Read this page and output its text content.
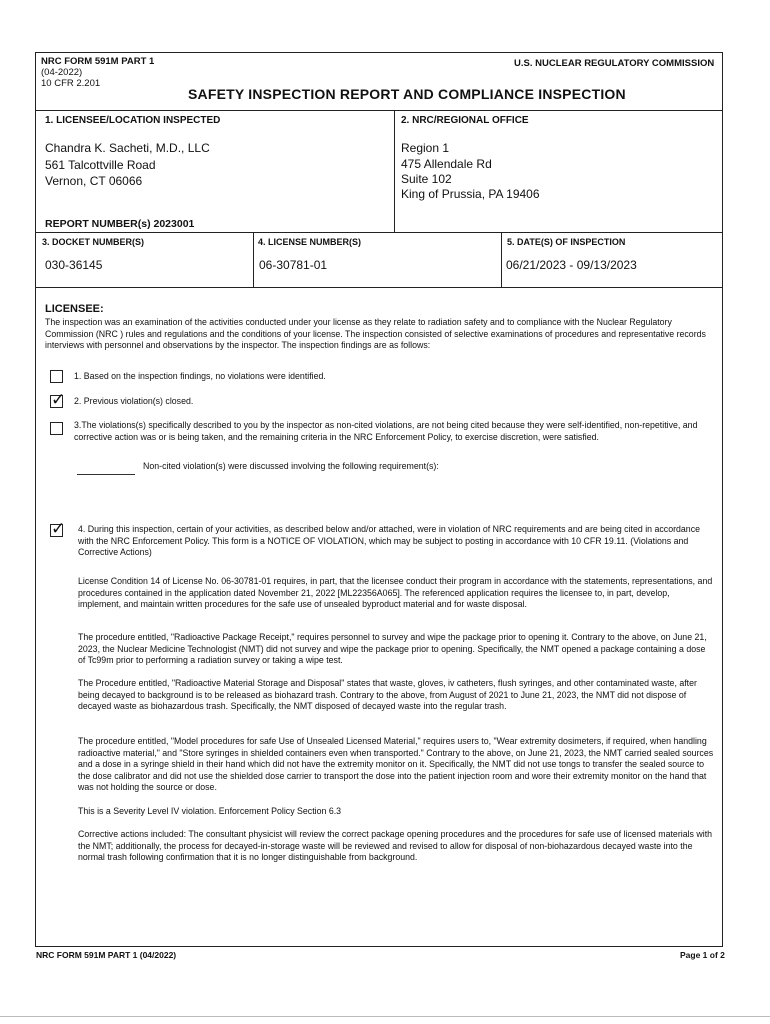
NRC FORM 591M PART 1
(04-2022)
10 CFR 2.201
U.S. NUCLEAR REGULATORY COMMISSION
SAFETY INSPECTION REPORT AND COMPLIANCE INSPECTION
1. LICENSEE/LOCATION INSPECTED
Chandra K. Sacheti, M.D., LLC
561 Talcottville Road
Vernon, CT 06066
REPORT NUMBER(s) 2023001
2. NRC/REGIONAL OFFICE
Region 1
475 Allendale Rd
Suite 102
King of Prussia, PA 19406
3. DOCKET NUMBER(S)
030-36145
4. LICENSE NUMBER(S)
06-30781-01
5. DATE(S) OF INSPECTION
06/21/2023 - 09/13/2023
LICENSEE:

The inspection was an examination of the activities conducted under your license as they relate to radiation safety and to compliance with the Nuclear Regulatory Commission (NRC ) rules and regulations and the conditions of your license. The inspection consisted of selective examinations of procedures and representative records interviews with personnel and observations by the inspector. The inspection findings are as follows:

1. Based on the inspection findings, no violations were identified.

✓ 2. Previous violation(s) closed.

3.The violations(s) specifically described to you by the inspector as non-cited violations, are not being cited because they were self-identified, non-repetitive, and corrective action was or is being taken, and the remaining criteria in the NRC Enforcement Policy, to exercise discretion, were satisfied.

Non-cited violation(s) were discussed involving the following requirement(s):

✓ 4. During this inspection, certain of your activities, as described below and/or attached, were in violation of NRC requirements and are being cited in accordance with the NRC Enforcement Policy. This form is a NOTICE OF VIOLATION, which may be subject to posting in accordance with 10 CFR 19.11. (Violations and Corrective Actions)

License Condition 14 of License No. 06-30781-01 requires, in part, that the licensee conduct their program in accordance with the statements, representations, and procedures contained in the application dated November 21, 2022 [ML22356A065]. The referenced application requires the licensee to, in part, develop, implement, and maintain written procedures for the safe use of unsealed byproduct material and for waste disposal.

The procedure entitled, "Radioactive Package Receipt," requires personnel to survey and wipe the package prior to opening it. Contrary to the above, on June 21, 2023, the Nuclear Medicine Technologist (NMT) did not survey and wipe the package prior to opening. Specifically, the NMT opened a package containing a dose of Tc99m prior to performing a radiation survey or taking a wipe test.

The Procedure entitled, "Radioactive Material Storage and Disposal" states that waste, gloves, iv catheters, flush syringes, and other contaminated waste, after being decayed to background is to be released as biohazard trash. Contrary to the above, from August of 2021 to June 21, 2023, the NMT did not dispose of decayed waste as biohazardous trash. Specifically, the NMT disposed of decayed waste into the regular trash.

The procedure entitled, "Model procedures for safe Use of Unsealed Licensed Material," requires users to, "Wear extremity dosimeters, if required, when handling radioactive material," and "Store syringes in shielded containers even when transported." Contrary to the above, on June 21, 2023, the NMT carried sealed sources and a dose in a syringe shield in their hand which did not have the extremity monitor on it. Specifically, the NMT did not use tongs to transfer the sealed source to the dose calibrator and did not use the shielded dose carrier to transport the dose into the patient injection room and wore their extremity monitor on the hand that was not holding the source or dose.

This is a Severity Level IV violation. Enforcement Policy Section 6.3

Corrective actions included: The consultant physicist will review the correct package opening procedures and the procedures for safe use of licensed materials with the NMT; additionally, the process for decayed-in-storage waste will be reviewed and revised to allow for disposal of non-biohazardous decayed waste into the normal trash following confirmation that it is no longer distinguishable from background.

NRC FORM 591M PART 1 (04/2022)	Page 1 of 2
